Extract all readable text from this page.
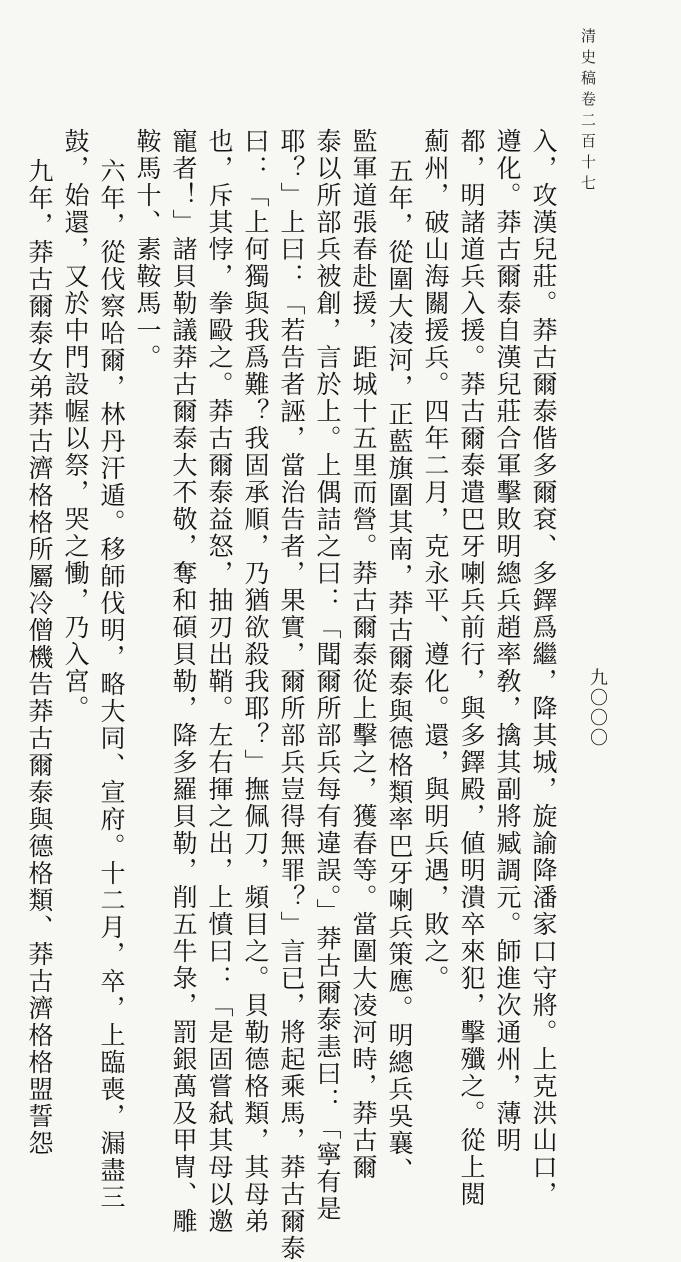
清史稿卷二百十七
九〇〇〇
入，攻漢兒莊。莽古爾泰偕多爾袞、多鐸爲繼，降其城，旋諭降潘家口守將。上克洪山口，
遵化。莽古爾泰自漢兒莊合軍擊敗明總兵趙率敎，擒其副將臧調元。師進次通州，薄明
都，明諸道兵入援。莽古爾泰遣巴牙喇兵前行，與多鐸殿，値明潰卒來犯，擊殲之。從上閲
薊州，破山海關援兵。四年二月，克永平、遵化。還，與明兵遇，敗之。
五年，從圍大凌河，正藍旗圍其南，莽古爾泰與德格類率巴牙喇兵策應。明總兵吳襄、
監軍道張春赴援，距城十五里而營。莽古爾泰從上擊之，獲春等。當圍大凌河時，莽古爾
泰以所部兵被創，言於上。上偶詰之曰：「聞爾所部兵每有違誤。」莽古爾泰恚曰：「寧有是
耶？」上曰：「若告者誣，當治告者，果實，爾所部兵豈得無罪？」言已，將起乘馬，莽古爾泰
曰：「上何獨與我爲難？我固承順，乃猶欲殺我耶？」撫佩刀，頻目之。貝勒德格類，其母弟
也，斥其悖，拳毆之。莽古爾泰益怒，抽刃出鞘。左右揮之出，上憤曰：「是固嘗弑其母以邀
寵者！」諸貝勒議莽古爾泰大不敬，奪和碩貝勒，降多羅貝勒，削五牛彔，罰銀萬及甲冑、雕
鞍馬十、素鞍馬一。
六年，從伐察哈爾，林丹汗遁。移師伐明，略大同、宣府。十二月，卒，上臨喪，漏盡三
鼓，始還，又於中門設幄以祭，哭之慟，乃入宮。
九年，莽古爾泰女弟莽古濟格格所屬冷僧機告莽古爾泰與德格類、莽古濟格格盟誓怨
